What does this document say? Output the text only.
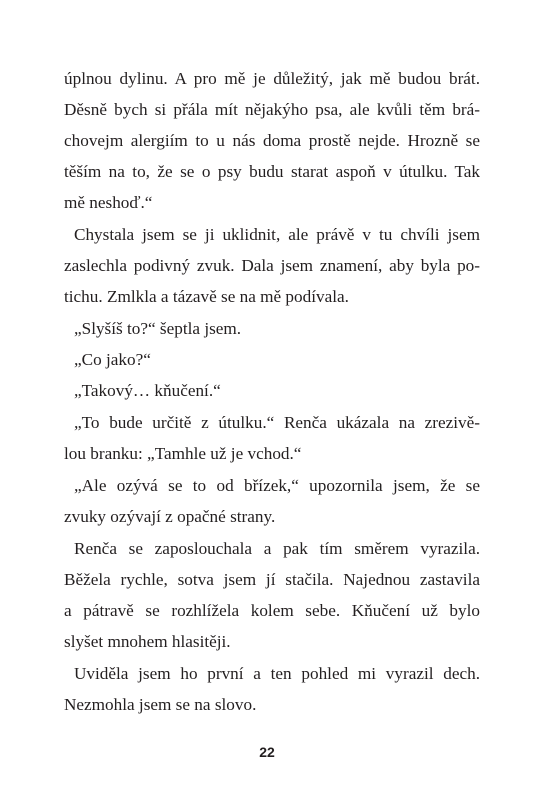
úplnou dylinu. A pro mě je důležitý, jak mě budou brát.
Děsně bych si přála mít nějakýho psa, ale kvůli těm brá-
chovejm alergiím to u nás doma prostě nejde. Hrozně se
těším na to, že se o psy budu starat aspoň v útulku. Tak
mě neshoď.“
Chystala jsem se ji uklidnit, ale právě v tu chvíli jsem
zaslechla podivný zvuk. Dala jsem znamení, aby byla po-
tichu. Zmlkla a tázavě se na mě podívala.
„Slyšíš to?“ šeptla jsem.
„Co jako?“
„Takový… kňučení.“
„To bude určitě z útulku.“ Renča ukázala na zrezivě-
lou branku: „Tamhle už je vchod.“
„Ale ozývá se to od břízek,“ upozornila jsem, že se
zvuky ozývají z opačné strany.
Renča se zaposlouchala a pak tím směrem vyrazila.
Běžela rychle, sotva jsem jí stačila. Najednou zastavila
a pátravě se rozhlížela kolem sebe. Kňučení už bylo
slyšet mnohem hlasitěji.
Uviděla jsem ho první a ten pohled mi vyrazil dech.
Nezmohla jsem se na slovo.
22
